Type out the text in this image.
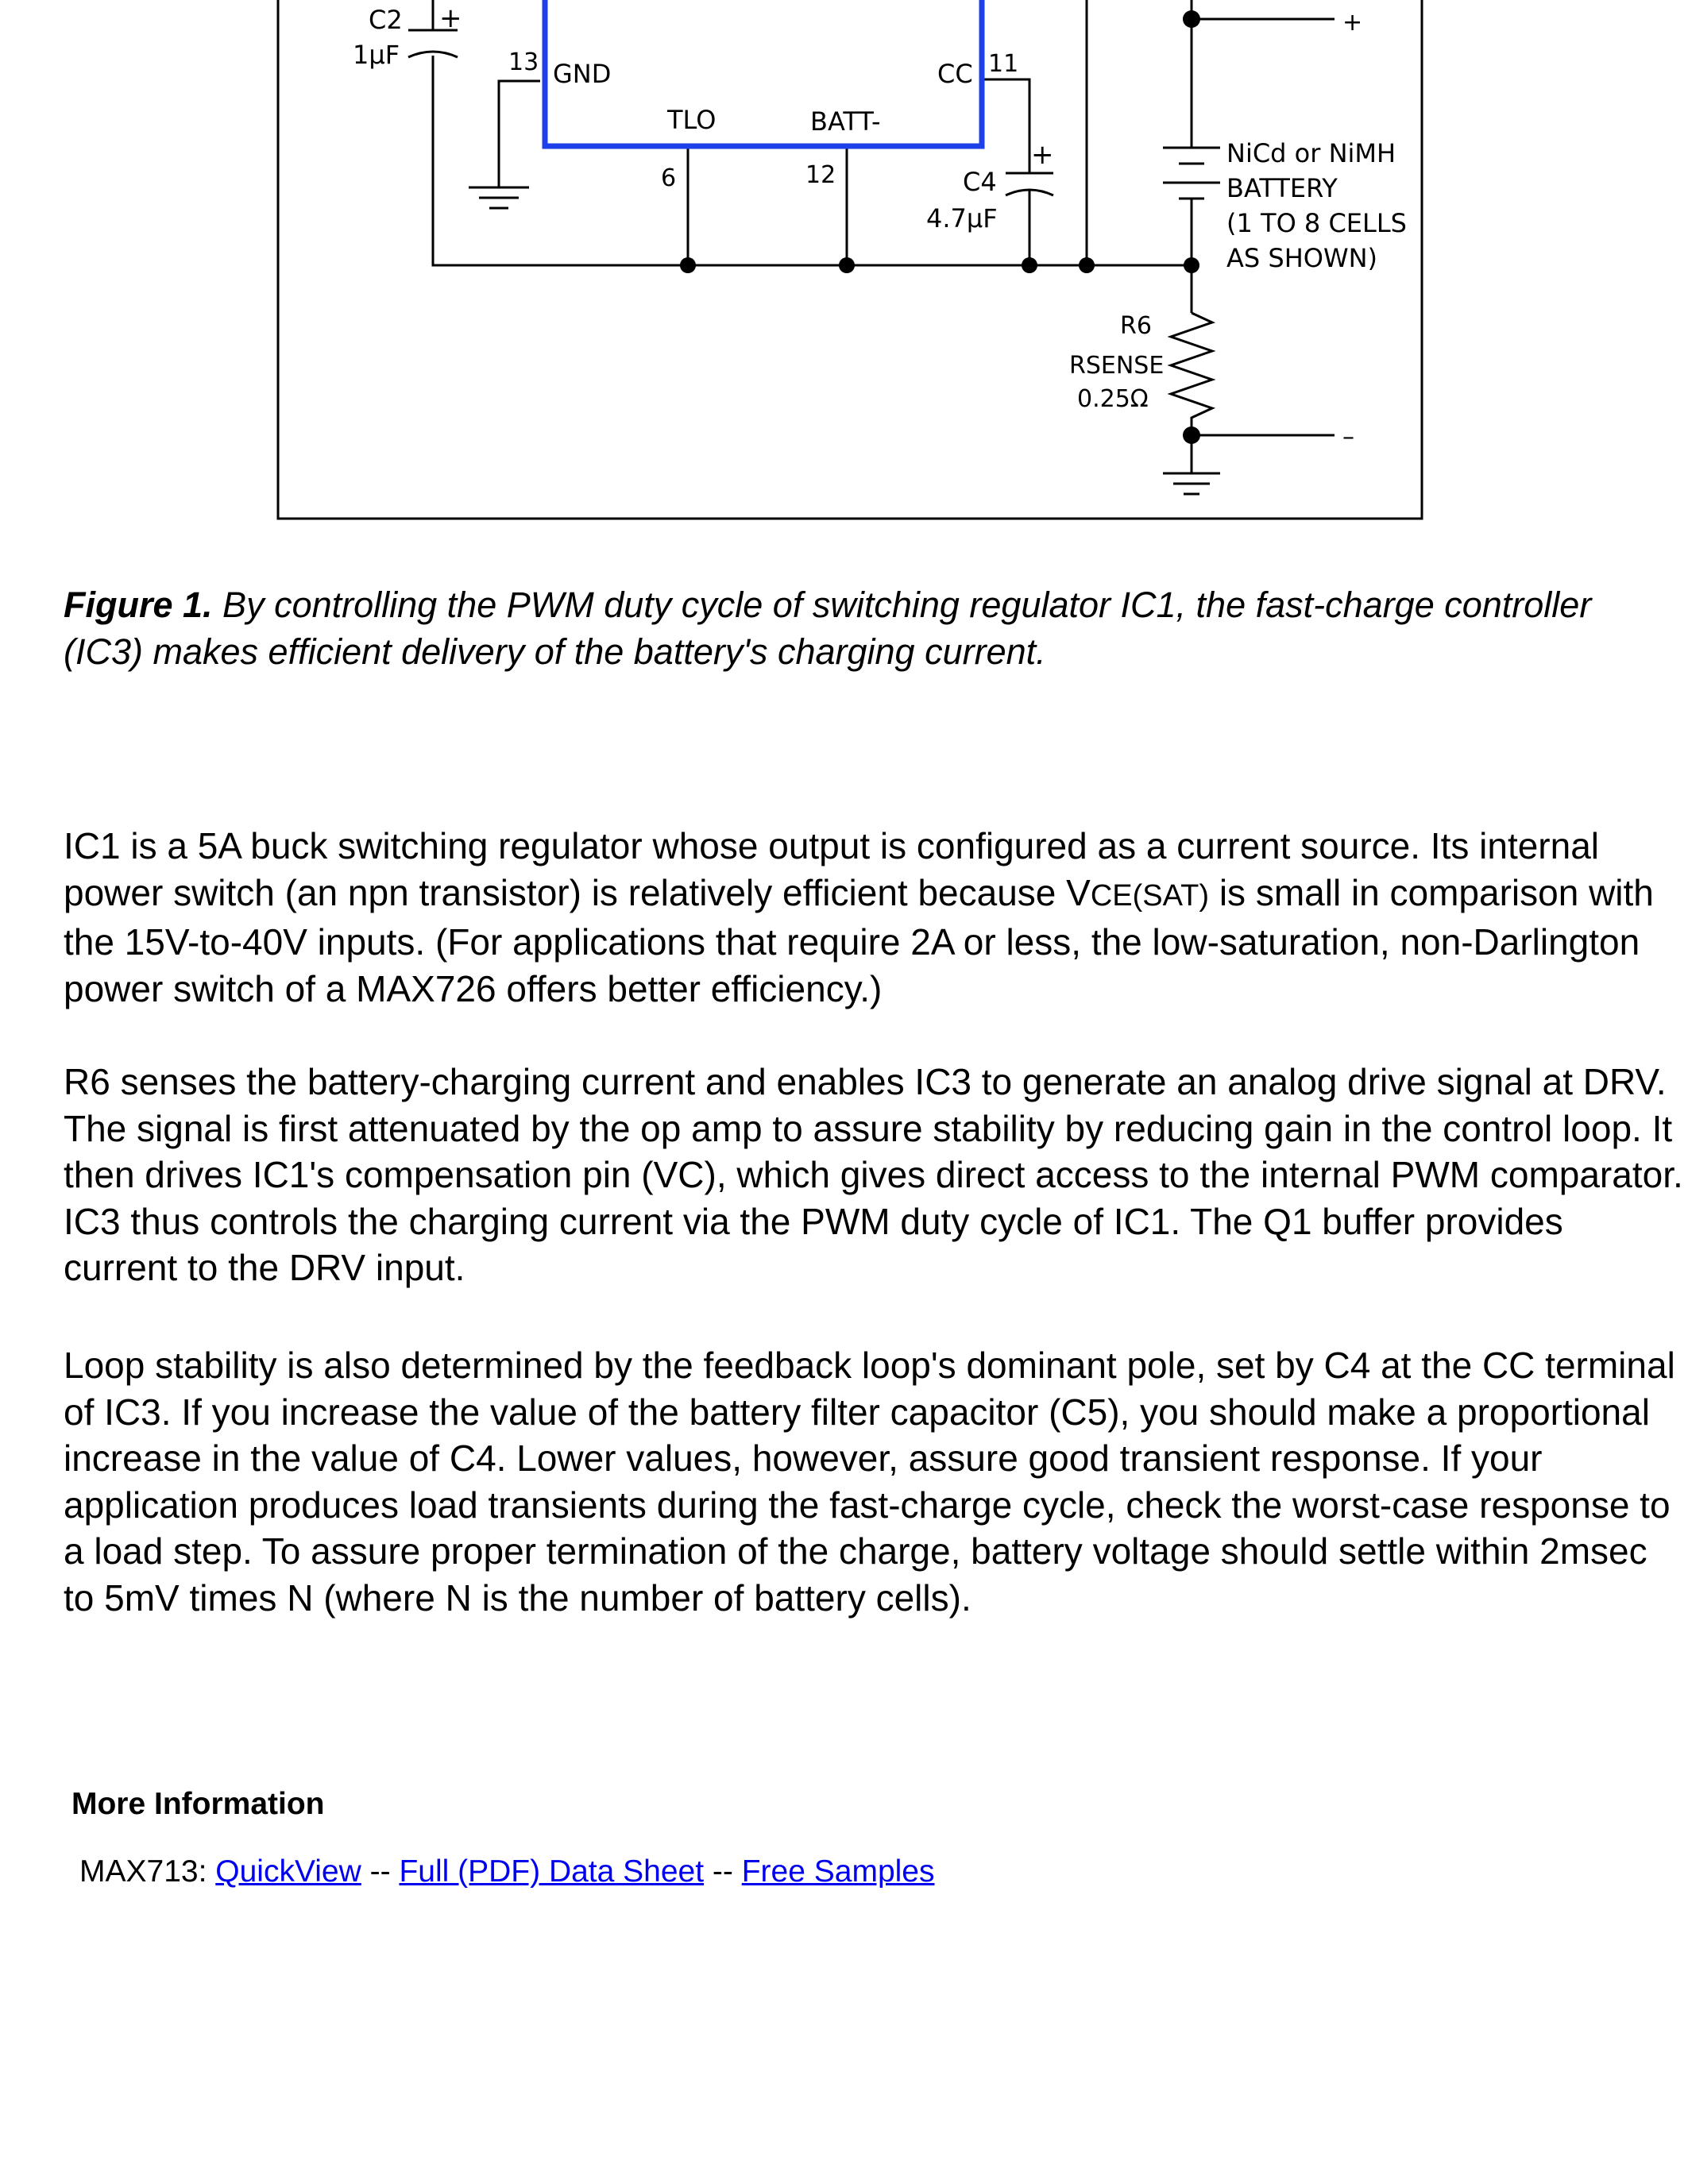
C2 +
1µF	13 GND	CC 11
TLO	BATT-
6	12
+
C4
4.7µF
+
–
NiCd or NiMH
BATTERY
(1 TO 8 CELLS
AS SHOWN)
R6
RSENSE
0.25Ω

Figure 1. By controlling the PWM duty cycle of switching regulator IC1, the fast-charge controller (IC3) makes efficient delivery of the battery's charging current.

IC1 is a 5A buck switching regulator whose output is configured as a current source. Its internal power switch (an npn transistor) is relatively efficient because VCE(SAT) is small in comparison with the 15V-to-40V inputs. (For applications that require 2A or less, the low-saturation, non-Darlington power switch of a MAX726 offers better efficiency.)

R6 senses the battery-charging current and enables IC3 to generate an analog drive signal at DRV. The signal is first attenuated by the op amp to assure stability by reducing gain in the control loop. It then drives IC1's compensation pin (VC), which gives direct access to the internal PWM comparator. IC3 thus controls the charging current via the PWM duty cycle of IC1. The Q1 buffer provides current to the DRV input.

Loop stability is also determined by the feedback loop's dominant pole, set by C4 at the CC terminal of IC3. If you increase the value of the battery filter capacitor (C5), you should make a proportional increase in the value of C4. Lower values, however, assure good transient response. If your application produces load transients during the fast-charge cycle, check the worst-case response to a load step. To assure proper termination of the charge, battery voltage should settle within 2msec to 5mV times N (where N is the number of battery cells).

More Information

MAX713: QuickView -- Full (PDF) Data Sheet -- Free Samples
